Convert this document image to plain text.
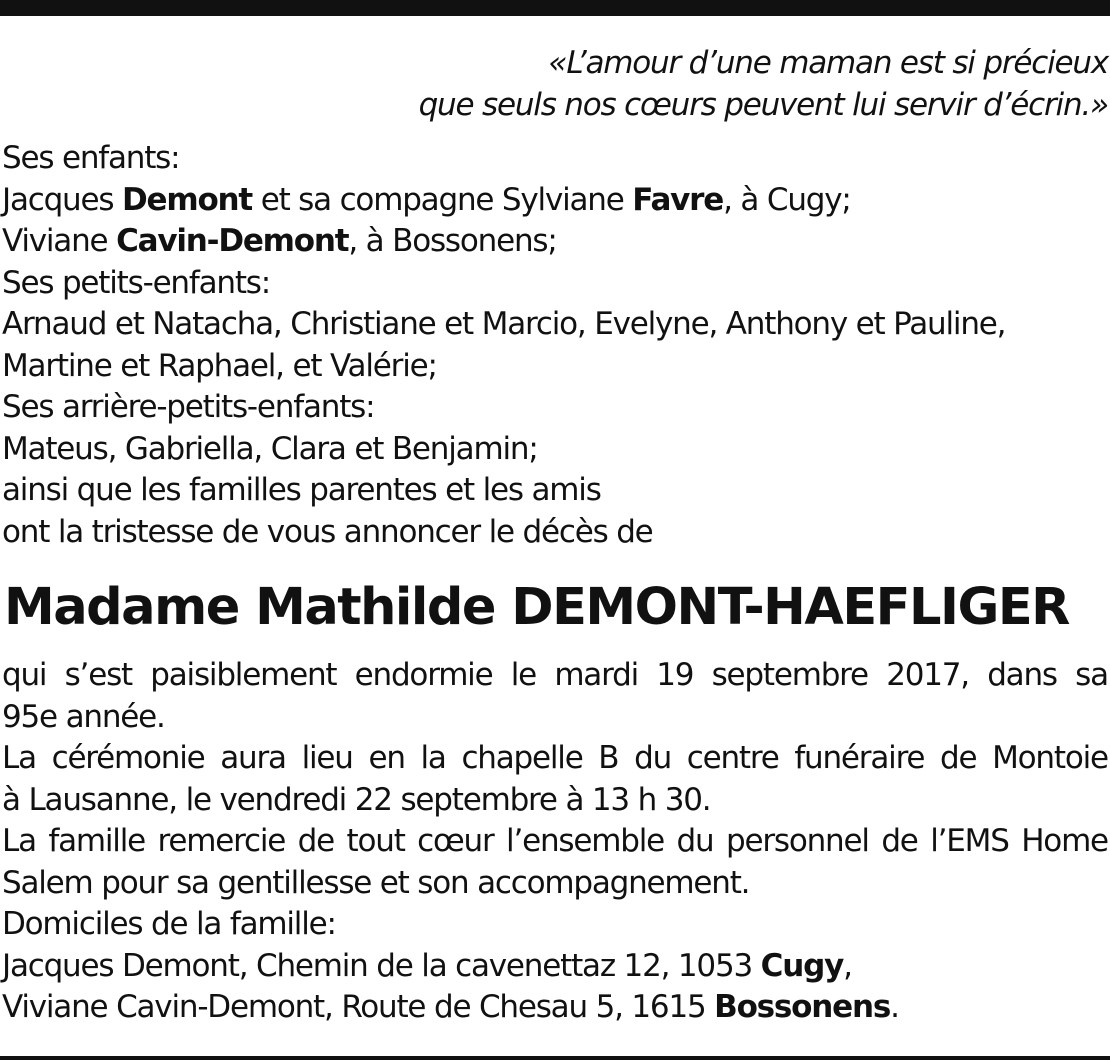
«L’amour d’une maman est si précieux
que seuls nos cœurs peuvent lui servir d’écrin.»
Ses enfants:
Jacques Demont et sa compagne Sylviane Favre, à Cugy;
Viviane Cavin-Demont, à Bossonens;
Ses petits-enfants:
Arnaud et Natacha, Christiane et Marcio, Evelyne, Anthony et Pauline,
Martine et Raphael, et Valérie;
Ses arrière-petits-enfants:
Mateus, Gabriella, Clara et Benjamin;
ainsi que les familles parentes et les amis
ont la tristesse de vous annoncer le décès de
Madame Mathilde DEMONT-HAEFLIGER
qui s’est paisiblement endormie le mardi 19 septembre 2017, dans sa
95e année.
La cérémonie aura lieu en la chapelle B du centre funéraire de Montoie
à Lausanne, le vendredi 22 septembre à 13 h 30.
La famille remercie de tout cœur l’ensemble du personnel de l’EMS Home
Salem pour sa gentillesse et son accompagnement.
Domiciles de la famille:
Jacques Demont, Chemin de la cavenettaz 12, 1053 Cugy,
Viviane Cavin-Demont, Route de Chesau 5, 1615 Bossonens.
